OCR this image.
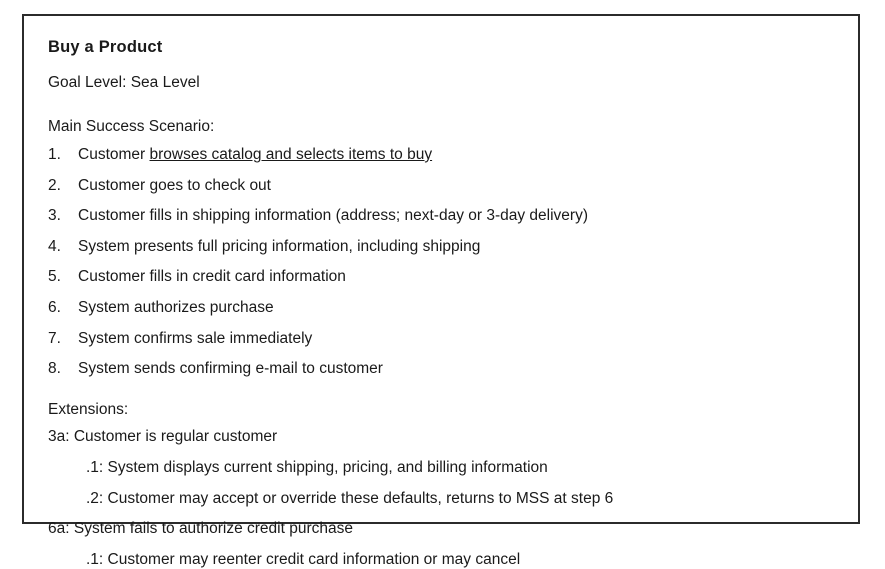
Buy a Product
Goal Level: Sea Level
Main Success Scenario:
1.	Customer browses catalog and selects items to buy
2.	Customer goes to check out
3.	Customer fills in shipping information (address; next-day or 3-day delivery)
4.	System presents full pricing information, including shipping
5.	Customer fills in credit card information
6.	System authorizes purchase
7.	System confirms sale immediately
8.	System sends confirming e-mail to customer
Extensions:
3a: Customer is regular customer
.1: System displays current shipping, pricing, and billing information
.2: Customer may accept or override these defaults, returns to MSS at step 6
6a: System fails to authorize credit purchase
.1: Customer may reenter credit card information or may cancel
